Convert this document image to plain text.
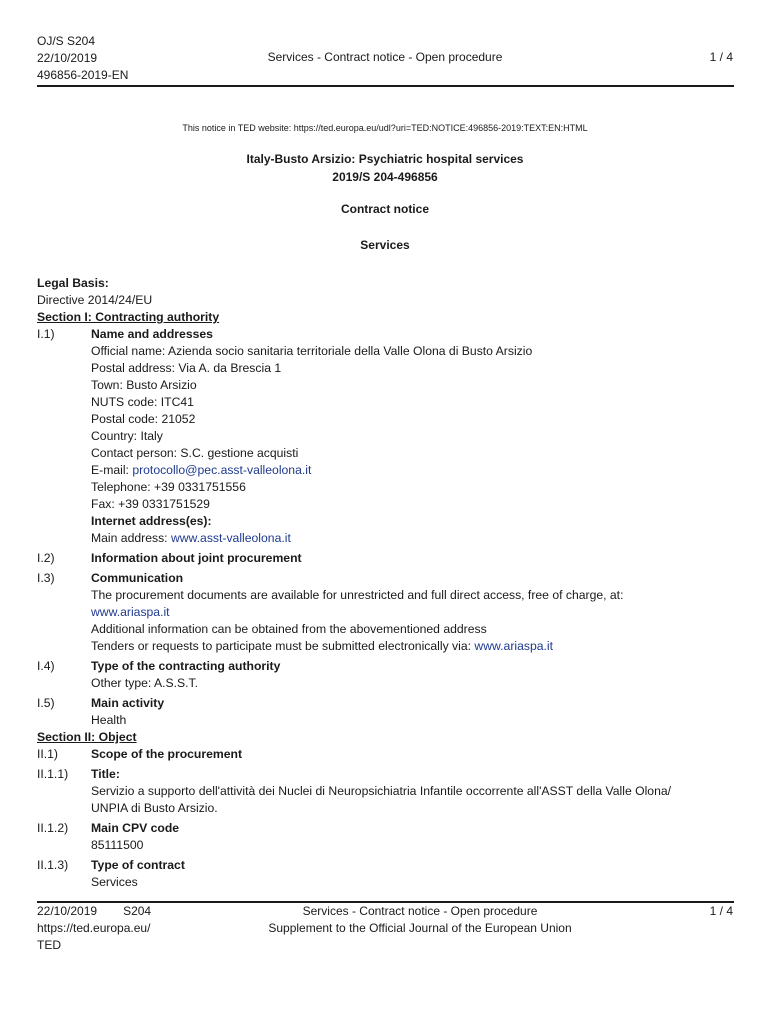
OJ/S S204
22/10/2019
496856-2019-EN
Services - Contract notice - Open procedure	1 / 4
This notice in TED website: https://ted.europa.eu/udl?uri=TED:NOTICE:496856-2019:TEXT:EN:HTML
Italy-Busto Arsizio: Psychiatric hospital services
2019/S 204-496856
Contract notice
Services
Legal Basis:
Directive 2014/24/EU
Section I: Contracting authority
I.1)	Name and addresses
Official name: Azienda socio sanitaria territoriale della Valle Olona di Busto Arsizio
Postal address: Via A. da Brescia 1
Town: Busto Arsizio
NUTS code: ITC41
Postal code: 21052
Country: Italy
Contact person: S.C. gestione acquisti
E-mail: protocollo@pec.asst-valleolona.it
Telephone: +39 0331751556
Fax: +39 0331751529
Internet address(es):
Main address: www.asst-valleolona.it
I.2)	Information about joint procurement
I.3)	Communication
The procurement documents are available for unrestricted and full direct access, free of charge, at:
www.ariaspa.it
Additional information can be obtained from the abovementioned address
Tenders or requests to participate must be submitted electronically via: www.ariaspa.it
I.4)	Type of the contracting authority
Other type: A.S.S.T.
I.5)	Main activity
Health
Section II: Object
II.1)	Scope of the procurement
II.1.1)	Title:
Servizio a supporto dell'attività dei Nuclei di Neuropsichiatria Infantile occorrente all'ASST della Valle Olona/
UNPIA di Busto Arsizio.
II.1.2)	Main CPV code
85111500
II.1.3)	Type of contract
Services
22/10/2019 S204
https://ted.europa.eu/
TED
Services - Contract notice - Open procedure
Supplement to the Official Journal of the European Union
1 / 4
